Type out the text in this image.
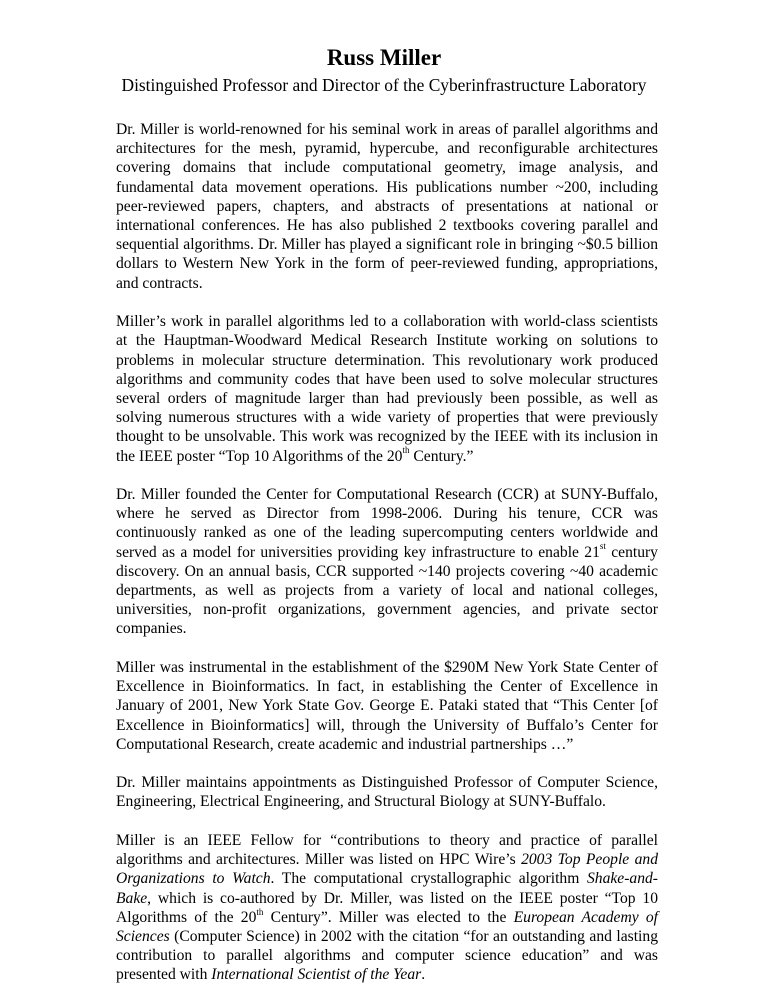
Russ Miller
Distinguished Professor and Director of the Cyberinfrastructure Laboratory

Dr. Miller is world-renowned for his seminal work in areas of parallel algorithms and architectures for the mesh, pyramid, hypercube, and reconfigurable architectures covering domains that include computational geometry, image analysis, and fundamental data movement operations. His publications number ~200, including peer-reviewed papers, chapters, and abstracts of presentations at national or international conferences. He has also published 2 textbooks covering parallel and sequential algorithms. Dr. Miller has played a significant role in bringing ~$0.5 billion dollars to Western New York in the form of peer-reviewed funding, appropriations, and contracts.

Miller’s work in parallel algorithms led to a collaboration with world-class scientists at the Hauptman-Woodward Medical Research Institute working on solutions to problems in molecular structure determination. This revolutionary work produced algorithms and community codes that have been used to solve molecular structures several orders of magnitude larger than had previously been possible, as well as solving numerous structures with a wide variety of properties that were previously thought to be unsolvable. This work was recognized by the IEEE with its inclusion in the IEEE poster “Top 10 Algorithms of the 20th Century.”

Dr. Miller founded the Center for Computational Research (CCR) at SUNY-Buffalo, where he served as Director from 1998-2006. During his tenure, CCR was continuously ranked as one of the leading supercomputing centers worldwide and served as a model for universities providing key infrastructure to enable 21st century discovery. On an annual basis, CCR supported ~140 projects covering ~40 academic departments, as well as projects from a variety of local and national colleges, universities, non-profit organizations, government agencies, and private sector companies.

Miller was instrumental in the establishment of the $290M New York State Center of Excellence in Bioinformatics. In fact, in establishing the Center of Excellence in January of 2001, New York State Gov. George E. Pataki stated that “This Center [of Excellence in Bioinformatics] will, through the University of Buffalo’s Center for Computational Research, create academic and industrial partnerships …”

Dr. Miller maintains appointments as Distinguished Professor of Computer Science, Engineering, Electrical Engineering, and Structural Biology at SUNY-Buffalo.

Miller is an IEEE Fellow for “contributions to theory and practice of parallel algorithms and architectures. Miller was listed on HPC Wire’s 2003 Top People and Organizations to Watch. The computational crystallographic algorithm Shake-and-Bake, which is co-authored by Dr. Miller, was listed on the IEEE poster “Top 10 Algorithms of the 20th Century”. Miller was elected to the European Academy of Sciences (Computer Science) in 2002 with the citation “for an outstanding and lasting contribution to parallel algorithms and computer science education” and was presented with International Scientist of the Year.
